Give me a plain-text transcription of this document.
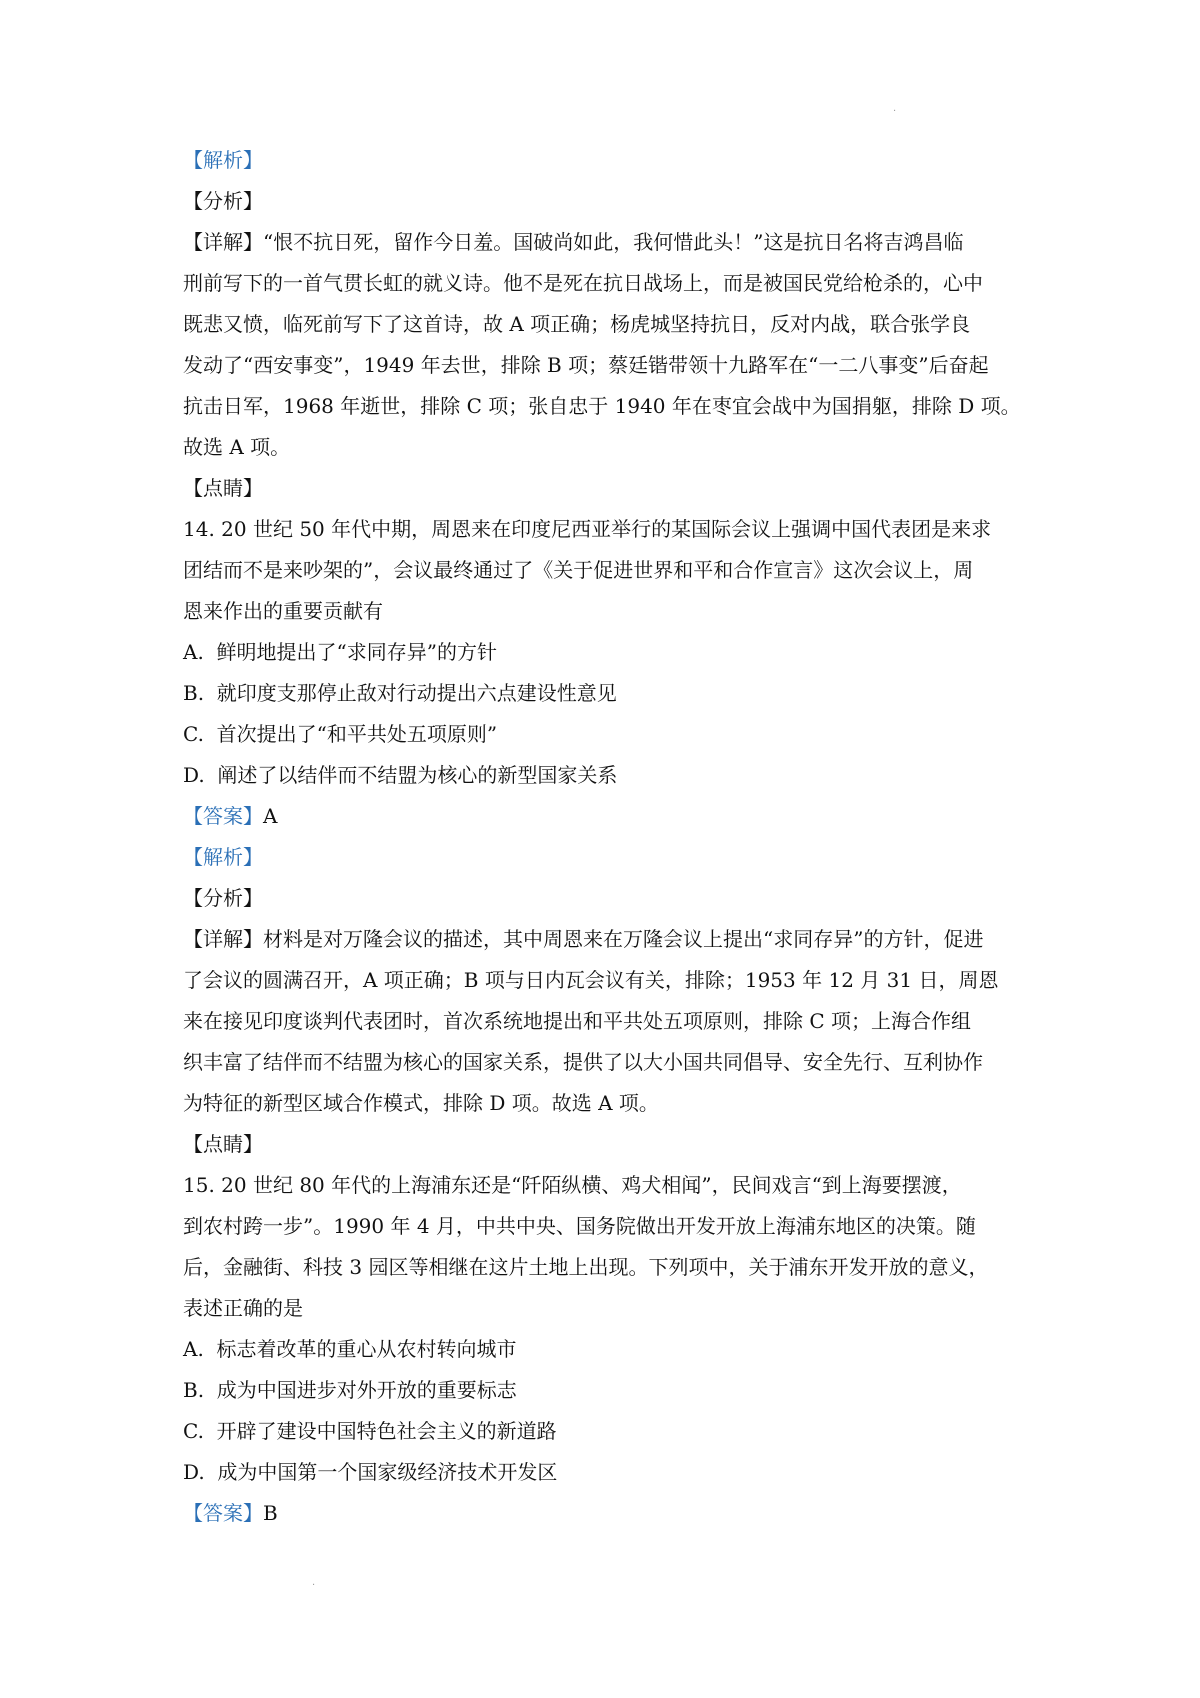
.
.
【解析】
【分析】
【详解】“恨不抗日死，留作今日羞。国破尚如此，我何惜此头！”这是抗日名将吉鸿昌临
刑前写下的一首气贯长虹的就义诗。他不是死在抗日战场上，而是被国民党给枪杀的，心中
既悲又愤，临死前写下了这首诗，故 A 项正确；杨虎城坚持抗日，反对内战，联合张学良
发动了“西安事变”，1949 年去世，排除 B 项；蔡廷锴带领十九路军在“一二八事变”后奋起
抗击日军，1968 年逝世，排除 C 项；张自忠于 1940 年在枣宜会战中为国捐躯，排除 D 项。
故选 A 项。
【点睛】
14. 20 世纪 50 年代中期，周恩来在印度尼西亚举行的某国际会议上强调中国代表团是来求
团结而不是来吵架的”，会议最终通过了《关于促进世界和平和合作宣言》这次会议上，周
恩来作出的重要贡献有
A.  鲜明地提出了“求同存异”的方针
B.  就印度支那停止敌对行动提出六点建设性意见
C.  首次提出了“和平共处五项原则”
D.  阐述了以结伴而不结盟为核心的新型国家关系
【答案】A
【解析】
【分析】
【详解】材料是对万隆会议的描述，其中周恩来在万隆会议上提出“求同存异”的方针，促进
了会议的圆满召开，A 项正确；B 项与日内瓦会议有关，排除；1953 年 12 月 31 日，周恩
来在接见印度谈判代表团时，首次系统地提出和平共处五项原则，排除 C 项；上海合作组
织丰富了结伴而不结盟为核心的国家关系，提供了以大小国共同倡导、安全先行、互利协作
为特征的新型区域合作模式，排除 D 项。故选 A 项。
【点睛】
15. 20 世纪 80 年代的上海浦东还是“阡陌纵横、鸡犬相闻”，民间戏言“到上海要摆渡，
到农村跨一步”。1990 年 4 月，中共中央、国务院做出开发开放上海浦东地区的决策。随
后，金融街、科技 3 园区等相继在这片土地上出现。下列项中，关于浦东开发开放的意义，
表述正确的是
A.  标志着改革的重心从农村转向城市
B.  成为中国进步对外开放的重要标志
C.  开辟了建设中国特色社会主义的新道路
D.  成为中国第一个国家级经济技术开发区
【答案】B
